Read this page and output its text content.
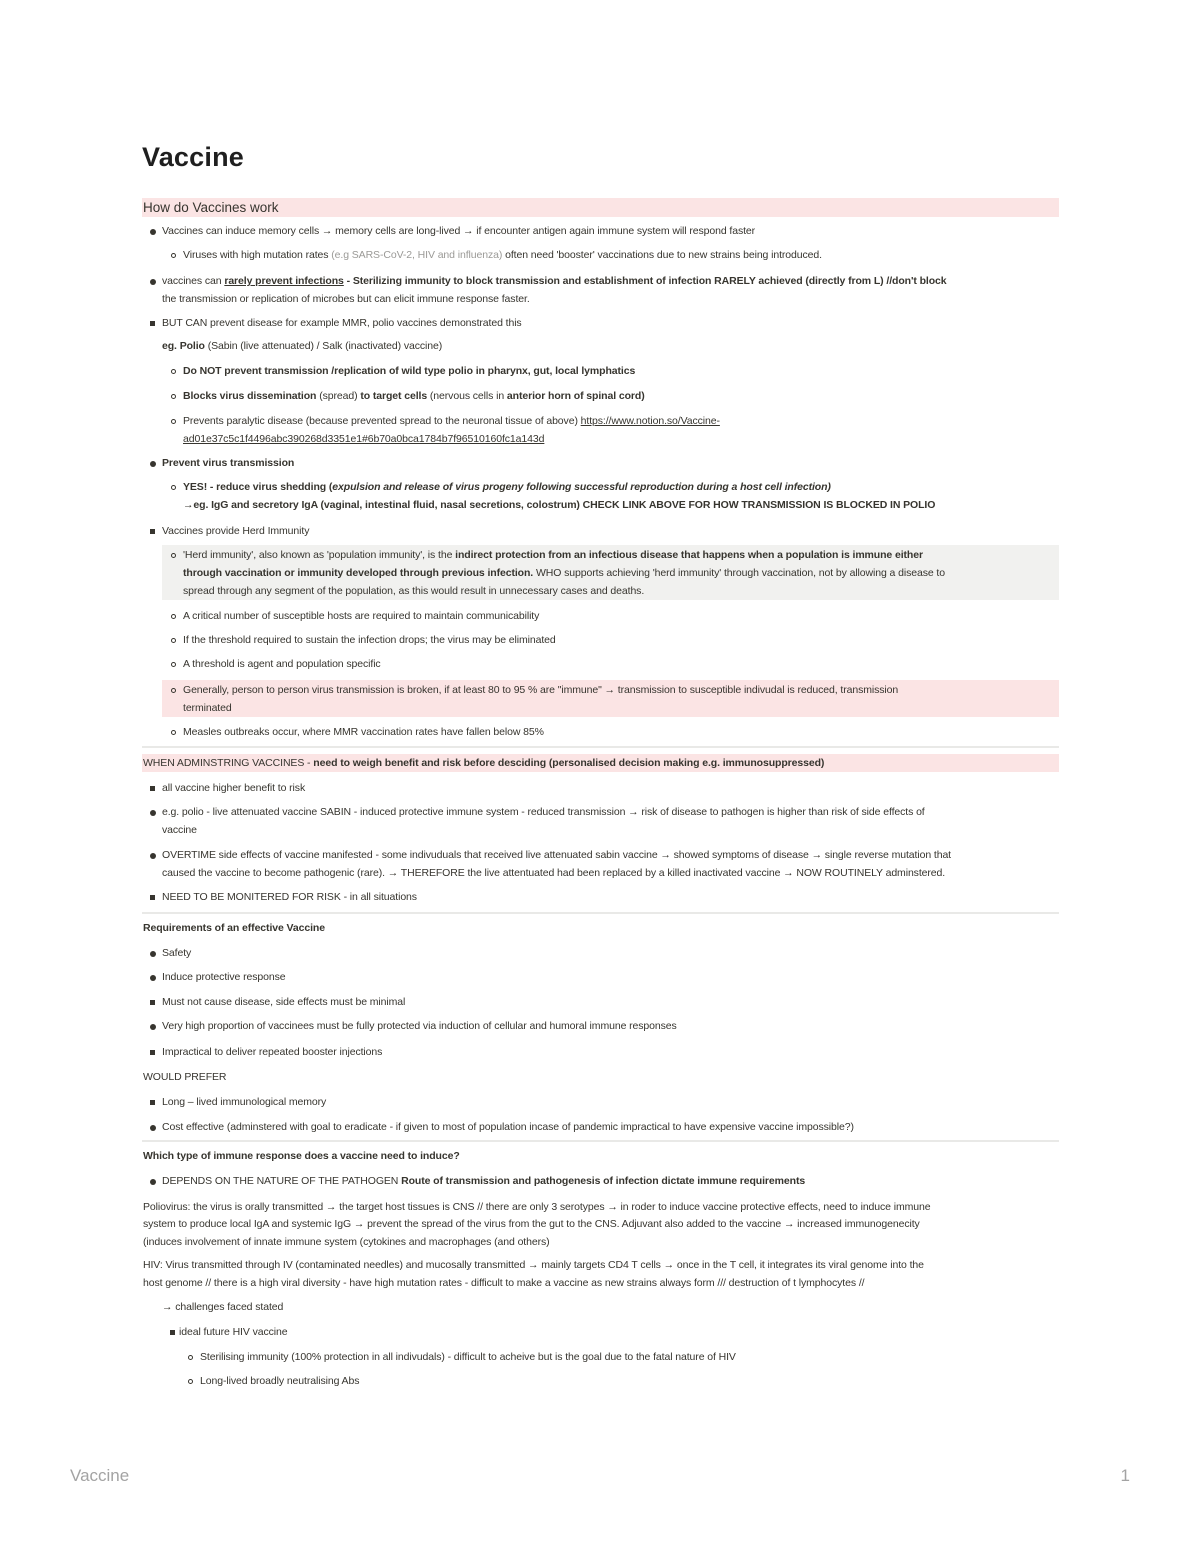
Vaccine
How do Vaccines work
Vaccines can induce memory cells → memory cells are long-lived → if encounter antigen again immune system will respond faster
Viruses with high mutation rates (e.g SARS-CoV-2, HIV and influenza) often need 'booster' vaccinations due to new strains being introduced.
vaccines can rarely prevent infections - Sterilizing immunity to block transmission and establishment of infection RARELY achieved (directly from L) //don't block
the transmission or replication of microbes but can elicit immune response faster.
BUT CAN prevent disease for example MMR, polio vaccines demonstrated this
eg. Polio (Sabin (live attenuated) / Salk (inactivated) vaccine)
Do NOT prevent transmission /replication of wild type polio in pharynx, gut, local lymphatics
Blocks virus dissemination (spread) to target cells (nervous cells in anterior horn of spinal cord)
Prevents paralytic disease (because prevented spread to the neuronal tissue of above) https://www.notion.so/Vaccine-
ad01e37c5c1f4496abc390268d3351e1#6b70a0bca1784b7f96510160fc1a143d
Prevent virus transmission
YES! - reduce virus shedding (expulsion and release of virus progeny following successful reproduction during a host cell infection)
→eg. IgG and secretory IgA (vaginal, intestinal fluid, nasal secretions, colostrum) CHECK LINK ABOVE FOR HOW TRANSMISSION IS BLOCKED IN POLIO
Vaccines provide Herd Immunity
'Herd immunity', also known as 'population immunity', is the indirect protection from an infectious disease that happens when a population is immune either
through vaccination or immunity developed through previous infection. WHO supports achieving 'herd immunity' through vaccination, not by allowing a disease to
spread through any segment of the population, as this would result in unnecessary cases and deaths.
A critical number of susceptible hosts are required to maintain communicability
If the threshold required to sustain the infection drops; the virus may be eliminated
A threshold is agent and population specific
Generally, person to person virus transmission is broken, if at least 80 to 95 % are "immune" → transmission to susceptible indivudal is reduced, transmission
terminated
Measles outbreaks occur, where MMR vaccination rates have fallen below 85%
WHEN ADMINSTRING VACCINES - need to weigh benefit and risk before desciding (personalised decision making e.g. immunosuppressed)
all vaccine higher benefit to risk
e.g. polio - live attenuated vaccine SABIN - induced protective immune system - reduced transmission → risk of disease to pathogen is higher than risk of side effects of
vaccine
OVERTIME side effects of vaccine manifested - some indivuduals that received live attenuated sabin vaccine → showed symptoms of disease → single reverse mutation that
caused the vaccine to become pathogenic (rare). → THEREFORE the live attentuated had been replaced by a killed inactivated vaccine → NOW ROUTINELY adminstered.
NEED TO BE MONITERED FOR RISK - in all situations
Requirements of an effective Vaccine
Safety
Induce protective response
Must not cause disease, side effects must be minimal
Very high proportion of vaccinees must be fully protected via induction of cellular and humoral immune responses
Impractical to deliver repeated booster injections
WOULD PREFER
Long – lived immunological memory
Cost effective (adminstered with goal to eradicate - if given to most of population incase of pandemic impractical to have expensive vaccine impossible?)
Which type of immune response does a vaccine need to induce?
DEPENDS ON THE NATURE OF THE PATHOGEN Route of transmission and pathogenesis of infection dictate immune requirements
Poliovirus: the virus is orally transmitted → the target host tissues is CNS // there are only 3 serotypes → in roder to induce vaccine protective effects, need to induce immune
system to produce local IgA and systemic IgG → prevent the spread of the virus from the gut to the CNS. Adjuvant also added to the vaccine → increased immunogenecity
(induces involvement of innate immune system (cytokines and macrophages (and others)
HIV: Virus transmitted through IV (contaminated needles) and mucosally transmitted → mainly targets CD4 T cells → once in the T cell, it integrates its viral genome into the
host genome // there is a high viral diversity - have high mutation rates - difficult to make a vaccine as new strains always form /// destruction of t lymphocytes //
→ challenges faced stated
ideal future HIV vaccine
Sterilising immunity (100% protection in all indivudals) - difficult to acheive but is the goal due to the fatal nature of HIV
Long-lived broadly neutralising Abs
Vaccine	1
